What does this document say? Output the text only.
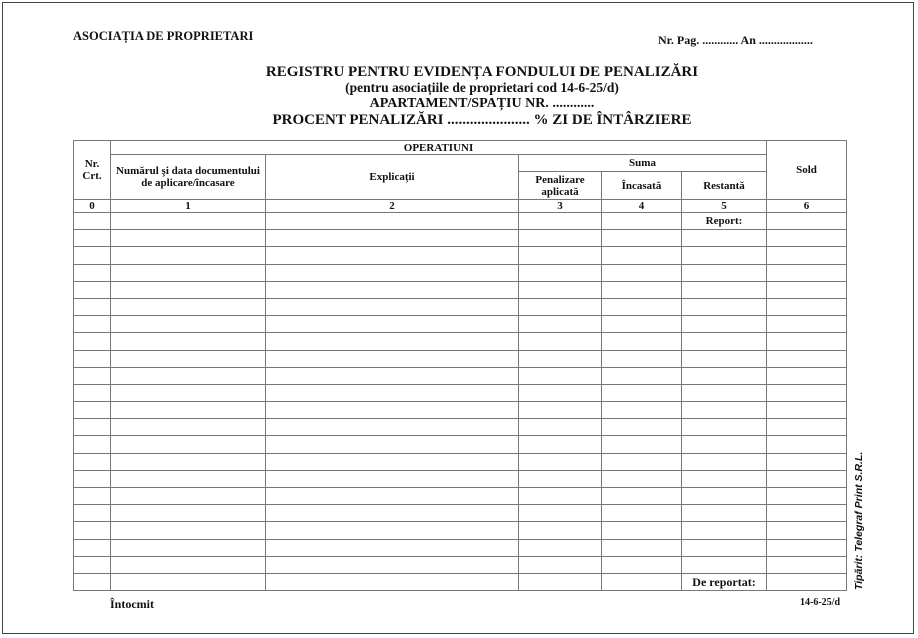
ASOCIAȚIA DE PROPRIETARI	Nr. Pag. ............ An ..................
REGISTRU PENTRU EVIDENȚA FONDULUI DE PENALIZĂRI
(pentru asociațiile de proprietari cod 14-6-25/d)
APARTAMENT/SPAȚIU NR. ............
PROCENT PENALIZĂRI ...................... % ZI DE ÎNTÂRZIERE
Nr. Crt.	OPERATIUNI					Sold
	Numărul şi data documentului de aplicare/încasare	Explicații	Suma			
			Penalizare aplicată	Încasată	Restantă	
0	1	2	3	4	5	6
					Report:	

					De reportat:	
Întocmit	14-6-25/d
Tipărit: Telegraf Print S.R.L.
